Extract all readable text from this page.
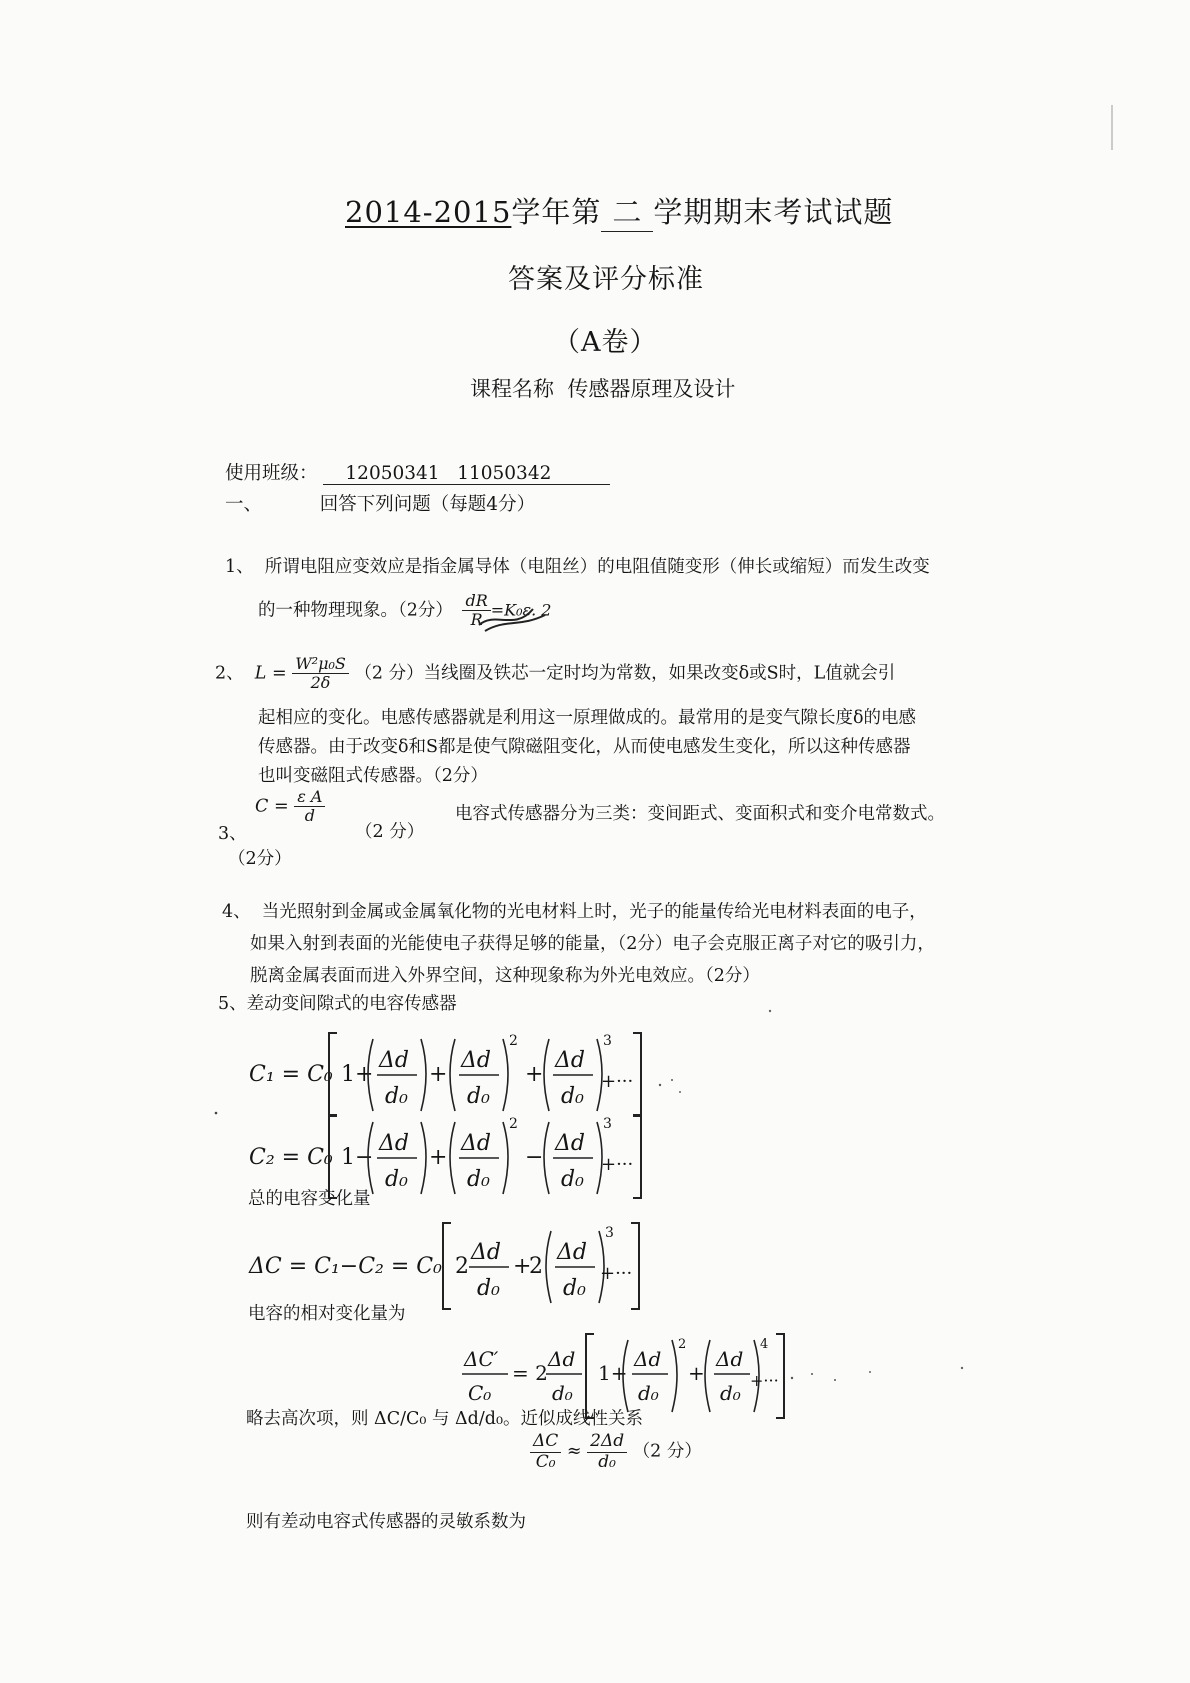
2014-2015学年第 二 学期期末考试试题
答案及评分标准
（A卷）
课程名称 传感器原理及设计
使用班级： 12050341   11050342
一、	回答下列问题（每题4分）
1、 所谓电阻应变效应是指金属导体（电阻丝）的电阻值随变形（伸长或缩短）而发生改变
的一种物理现象。（2分） $\frac{dR}{R} =K_0\varepsilon$. 2
2、 $L = \frac{\text{W²μ₀S}}{2\delta} (2$ 分）当线圈及铁芯一定时均为常数，如果改变δ或S时，L值就会引
起相应的变化。电感传感器就是利用这一原理做成的。最常用的是变气隙长度δ的电感
传感器。由于改变δ和S都是使气隙磁阻变化，从而使电感发生变化，所以这种传感器
也叫变磁阻式传感器。（2分）
$C = \frac{\text{ε A}}{d}$
3、	（2 分）
电容式传感器分为三类：变间距式、变面积式和变介电常数式。
（2分）
4、 当光照射到金属或金属氧化物的光电材料上时，光子的能量传给光电材料表面的电子，
如果入射到表面的光能使电子获得足够的能量，（2分）电子会克服正离子对它的吸引力，
脱离金属表面而进入外界空间，这种现象称为外光电效应。（2分）
5、差动变间隙式的电容传感器
C₁ = C₀ 1+
Δd
d₀
+
Δd
d₀
2
+
Δd
d₀
3
+···
C₂ = C₀ 1−
Δd
d₀
+
Δd
d₀
2
−
Δd
d₀
3
+···
总的电容变化量
ΔC = C₁−C₂ = C₀ 2
Δd
d₀
+
2
Δd
d₀
3
+···
电容的相对变化量为
ΔC′
C₀
= 2
Δd
d₀
1+
Δd
d₀
2
+
Δd
d₀
4
+···
略去高次项，则 ΔC/C₀ 与 Δd/d₀。近似成线性关系
$\frac{\Delta C}{\text{C₀}} \approx \frac{2\Delta d}{\text{d₀}} (2$ 分）
则有差动电容式传感器的灵敏系数为
